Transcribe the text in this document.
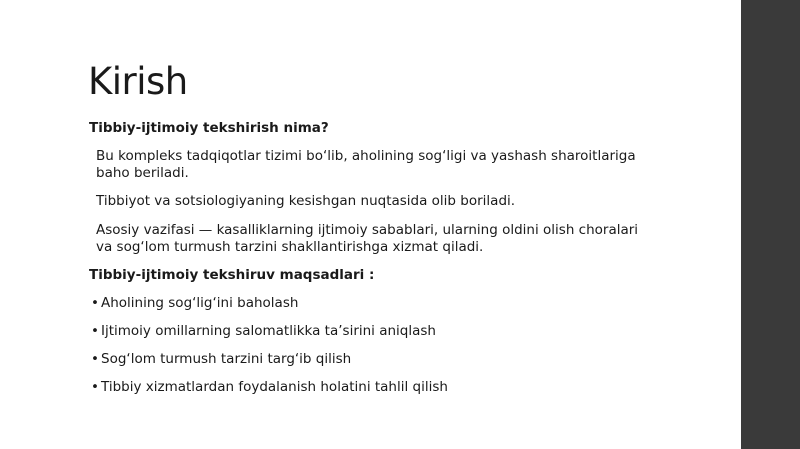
Kirish
Tibbiy-ijtimoiy tekshirish nima?
Bu kompleks tadqiqotlar tizimi bo‘lib, aholining sog‘ligi va yashash sharoitlariga baho beriladi.
Tibbiyot va sotsiologiyaning kesishgan nuqtasida olib boriladi.
Asosiy vazifasi — kasalliklarning ijtimoiy sabablari, ularning oldini olish choralari va sog‘lom turmush tarzini shakllantirishga xizmat qiladi.
Tibbiy-ijtimoiy tekshiruv maqsadlari :
• Aholining sog‘lig‘ini baholash
• Ijtimoiy omillarning salomatlikka ta’sirini aniqlash
• Sog‘lom turmush tarzini targ‘ib qilish
• Tibbiy xizmatlardan foydalanish holatini tahlil qilish
